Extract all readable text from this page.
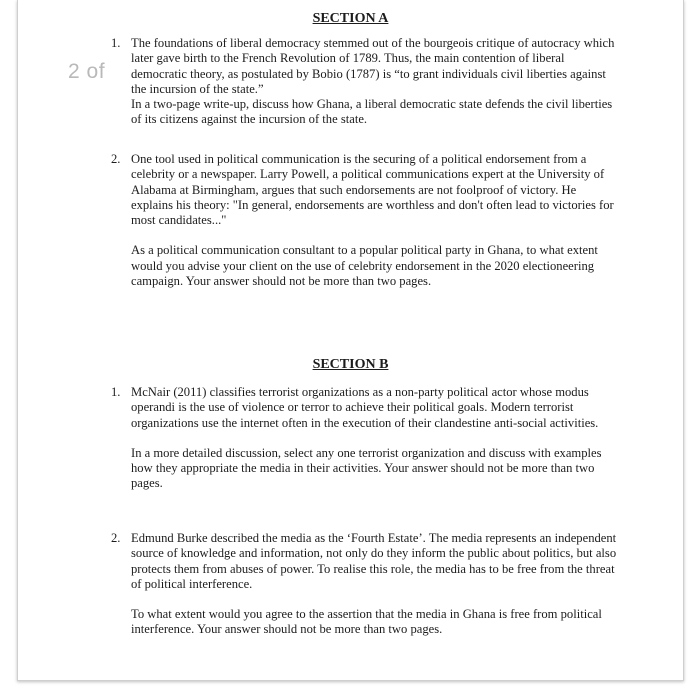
SECTION A
1. The foundations of liberal democracy stemmed out of the bourgeois critique of autocracy which later gave birth to the French Revolution of 1789. Thus, the main contention of liberal democratic theory, as postulated by Bobio (1787) is “to grant individuals civil liberties against the incursion of the state.”

In a two-page write-up, discuss how Ghana, a liberal democratic state defends the civil liberties of its citizens against the incursion of the state.

2. One tool used in political communication is the securing of a political endorsement from a celebrity or a newspaper. Larry Powell, a political communications expert at the University of Alabama at Birmingham, argues that such endorsements are not foolproof of victory. He explains his theory: "In general, endorsements are worthless and don't often lead to victories for most candidates..."

As a political communication consultant to a popular political party in Ghana, to what extent would you advise your client on the use of celebrity endorsement in the 2020 electioneering campaign. Your answer should not be more than two pages.

SECTION B
1. McNair (2011) classifies terrorist organizations as a non-party political actor whose modus operandi is the use of violence or terror to achieve their political goals. Modern terrorist organizations use the internet often in the execution of their clandestine anti-social activities.

In a more detailed discussion, select any one terrorist organization and discuss with examples how they appropriate the media in their activities. Your answer should not be more than two pages.

2. Edmund Burke described the media as the ‘Fourth Estate’. The media represents an independent source of knowledge and information, not only do they inform the public about politics, but also protects them from abuses of power. To realise this role, the media has to be free from the threat of political interference.

To what extent would you agree to the assertion that the media in Ghana is free from political interference. Your answer should not be more than two pages.

2 of
